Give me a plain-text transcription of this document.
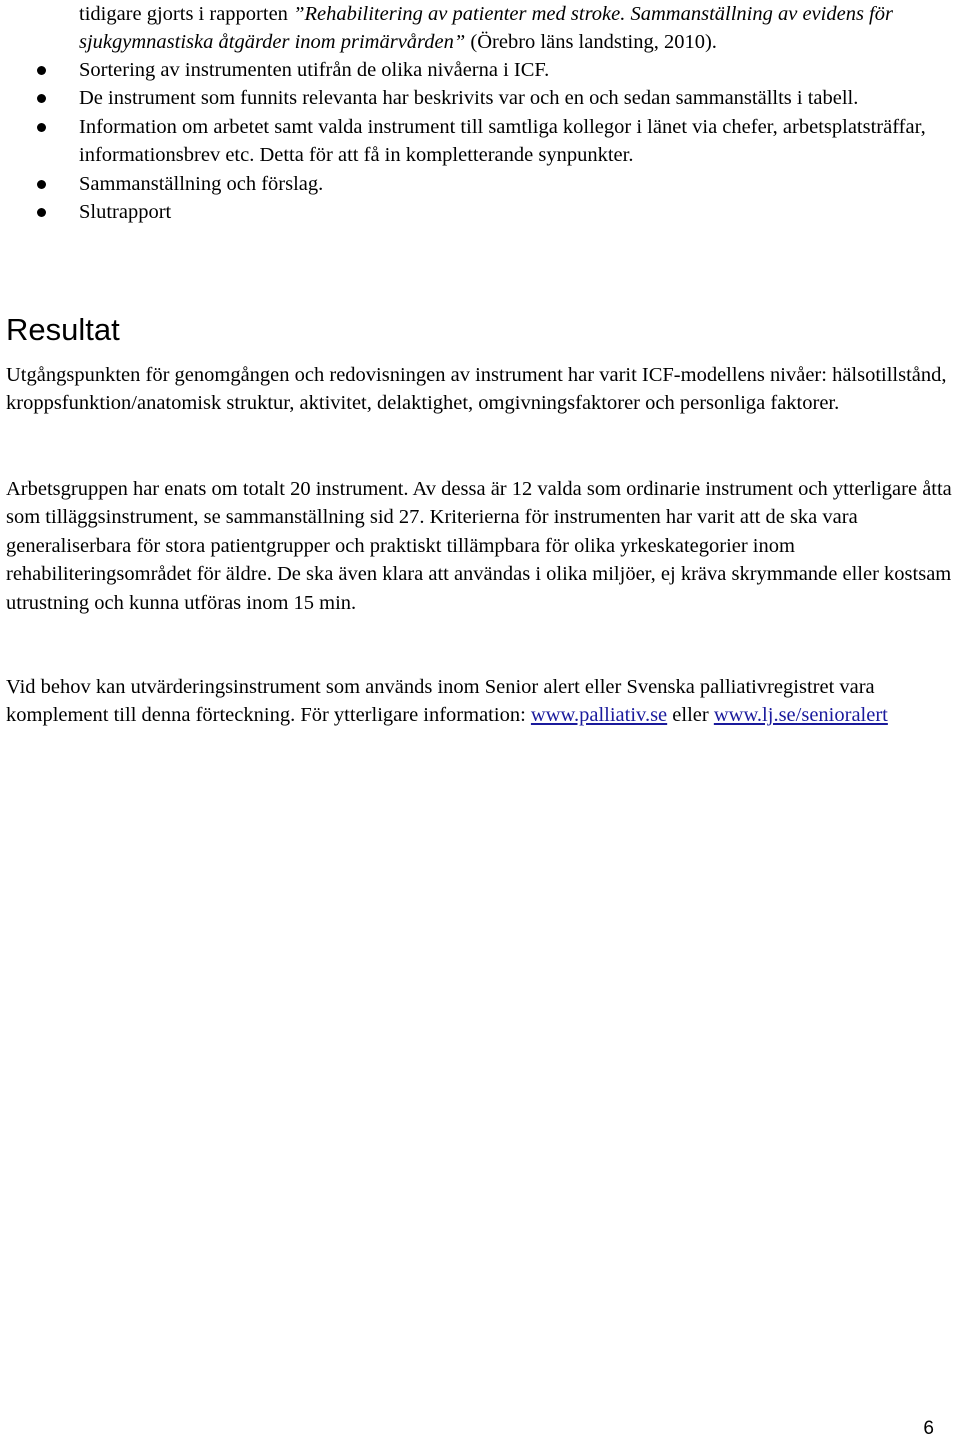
tidigare gjorts i rapporten ”Rehabilitering av patienter med stroke. Sammanställning av evidens för sjukgymnastiska åtgärder inom primärvården” (Örebro läns landsting, 2010).

Sortering av instrumenten utifrån de olika nivåerna i ICF.
De instrument som funnits relevanta har beskrivits var och en och sedan sammanställts i tabell.
Information om arbetet samt valda instrument till samtliga kollegor i länet via chefer, arbetsplatsträffar, informationsbrev etc. Detta för att få in kompletterande synpunkter.
Sammanställning och förslag.
Slutrapport
Resultat

Utgångspunkten för genomgången och redovisningen av instrument har varit ICF-modellens nivåer: hälsotillstånd, kroppsfunktion/anatomisk struktur, aktivitet, delaktighet, omgivningsfaktorer och personliga faktorer.

Arbetsgruppen har enats om totalt 20 instrument. Av dessa är 12 valda som ordinarie instrument och ytterligare åtta som tilläggsinstrument, se sammanställning sid 27. Kriterierna för instrumenten har varit att de ska vara generaliserbara för stora patientgrupper och praktiskt tillämpbara för olika yrkeskategorier inom rehabiliteringsområdet för äldre. De ska även klara att användas i olika miljöer, ej kräva skrymmande eller kostsam utrustning och kunna utföras inom 15 min.

Vid behov kan utvärderingsinstrument som används inom Senior alert eller Svenska palliativregistret vara komplement till denna förteckning. För ytterligare information: www.palliativ.se eller www.lj.se/senioralert

6
